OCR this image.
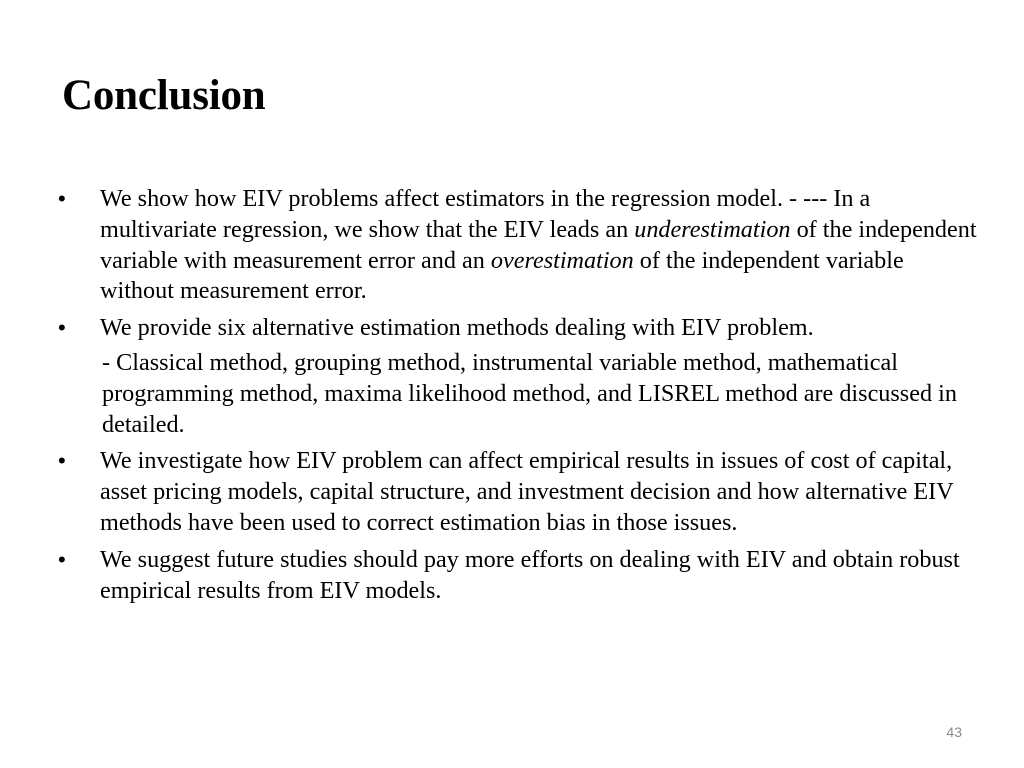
Conclusion
•	We show how EIV problems affect estimators in the regression model. - --- In a multivariate regression, we show that the EIV leads an underestimation of the independent variable with measurement error and an overestimation of the independent variable without measurement error.
•	We provide six alternative estimation methods dealing with EIV problem.
- Classical method, grouping method, instrumental variable method, mathematical programming method, maxima likelihood method, and LISREL method are discussed in detailed.
•	We investigate how EIV problem can affect empirical results in issues of cost of capital, asset pricing models, capital structure, and investment decision and how alternative EIV methods have been used to correct estimation bias in those issues.
•	We suggest future studies should pay more efforts on dealing with EIV and obtain robust empirical results from EIV models.
43
